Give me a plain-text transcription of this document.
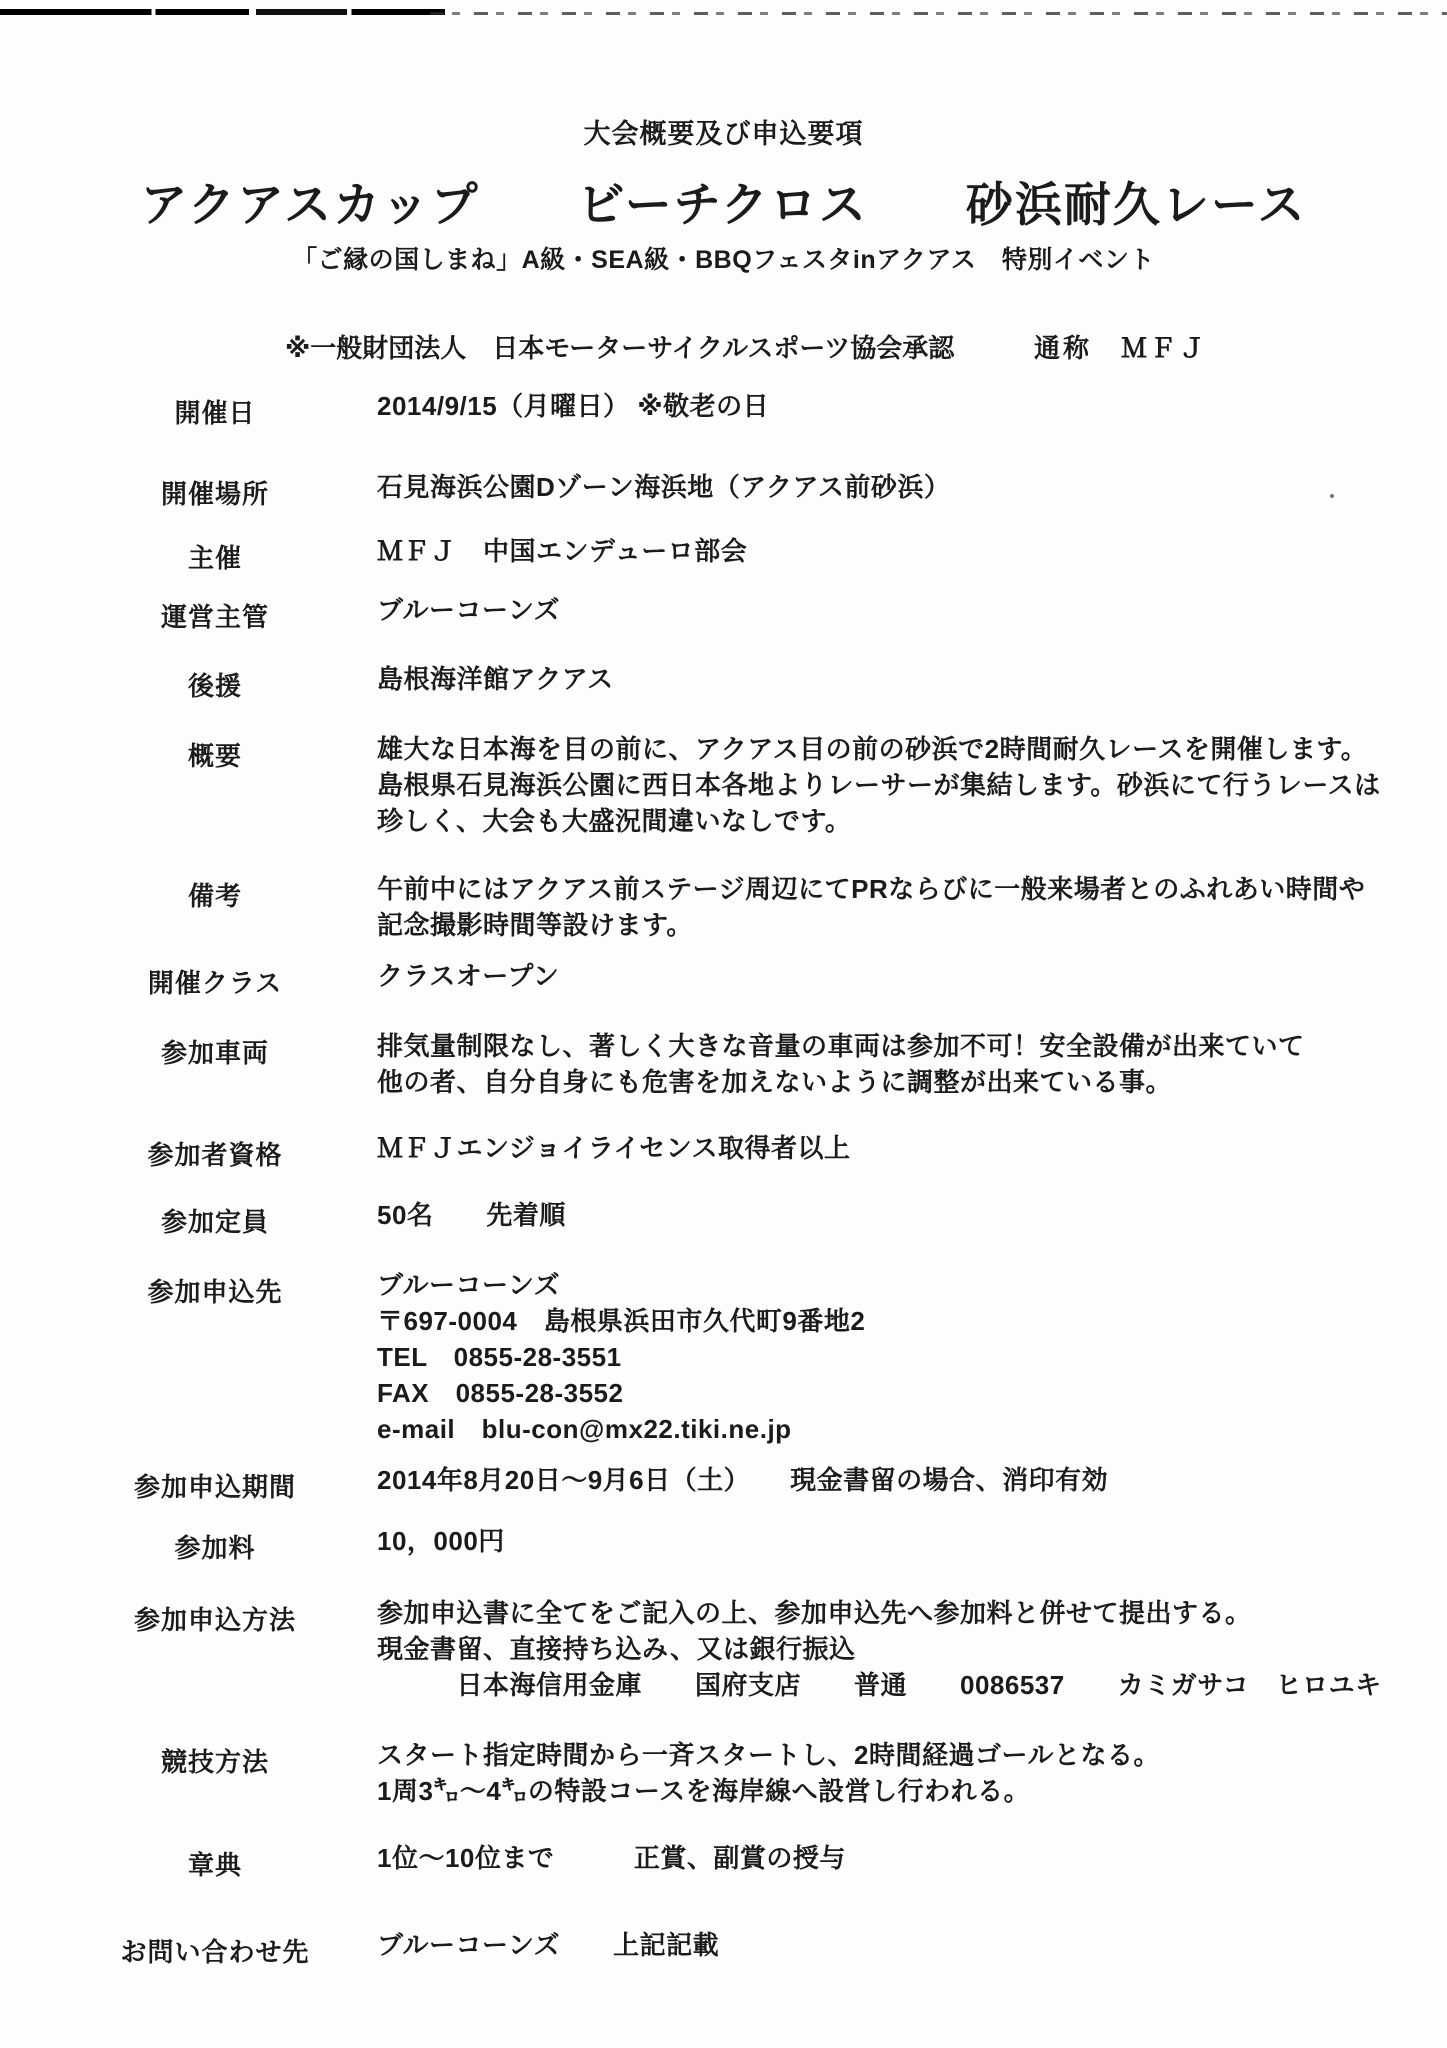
大会概要及び申込要項
アクアスカップ　　ビーチクロス　　砂浜耐久レース
「ご縁の国しまね」A級・SEA級・BBQフェスタinアクアス　特別イベント
※一般財団法人　日本モーターサイクルスポーツ協会承認	通称　ＭＦＪ
開催日	2014/9/15（月曜日） ※敬老の日
開催場所	石見海浜公園Dゾーン海浜地（アクアス前砂浜）
主催	ＭＦＪ　中国エンデューロ部会
運営主管	ブルーコーンズ
後援	島根海洋館アクアス
概要	雄大な日本海を目の前に、アクアス目の前の砂浜で2時間耐久レースを開催します。
島根県石見海浜公園に西日本各地よりレーサーが集結します。砂浜にて行うレースは
珍しく、大会も大盛況間違いなしです。
備考	午前中にはアクアス前ステージ周辺にてPRならびに一般来場者とのふれあい時間や
記念撮影時間等設けます。
開催クラス	クラスオープン
参加車両	排気量制限なし、著しく大きな音量の車両は参加不可！安全設備が出来ていて
他の者、自分自身にも危害を加えないように調整が出来ている事。
参加者資格	ＭＦＪエンジョイライセンス取得者以上
参加定員	50名　　先着順
参加申込先	ブルーコーンズ
〒697-0004　島根県浜田市久代町9番地2
TEL　0855-28-3551
FAX　0855-28-3552
e-mail　blu-con@mx22.tiki.ne.jp
参加申込期間	2014年8月20日～9月6日（土）　　現金書留の場合、消印有効
参加料	10，000円
参加申込方法	参加申込書に全てをご記入の上、参加申込先へ参加料と併せて提出する。
現金書留、直接持ち込み、又は銀行振込
　　　日本海信用金庫　　国府支店　　普通　　0086537　　カミガサコ　ヒロユキ
競技方法	スタート指定時間から一斉スタートし、2時間経過ゴールとなる。
1周3㌔～4㌔の特設コースを海岸線へ設営し行われる。
章典	1位～10位まで　　　正賞、副賞の授与
お問い合わせ先	ブルーコーンズ　　上記記載
